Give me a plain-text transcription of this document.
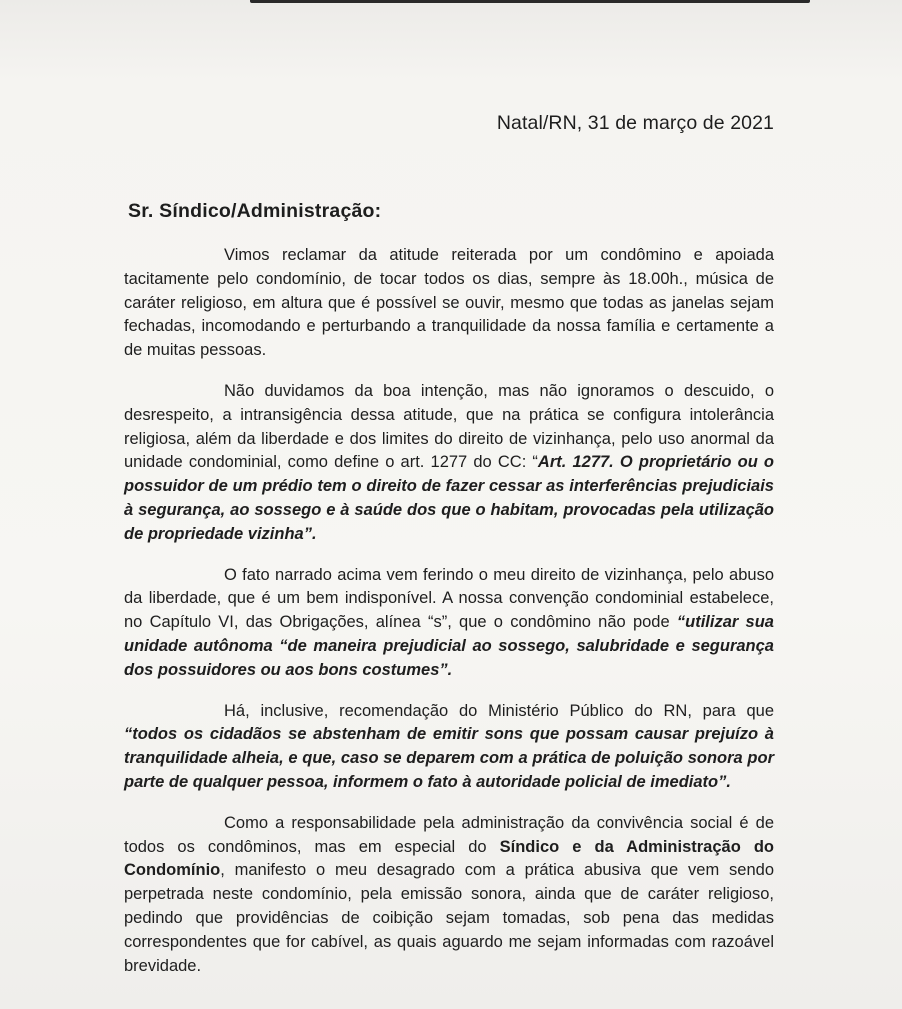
Natal/RN, 31 de março de 2021
Sr. Síndico/Administração:

Vimos reclamar da atitude reiterada por um condômino e apoiada tacitamente pelo condomínio, de tocar todos os dias, sempre às 18.00h., música de caráter religioso, em altura que é possível se ouvir, mesmo que todas as janelas sejam fechadas, incomodando e perturbando a tranquilidade da nossa família e certamente a de muitas pessoas.

Não duvidamos da boa intenção, mas não ignoramos o descuido, o desrespeito, a intransigência dessa atitude, que na prática se configura intolerância religiosa, além da liberdade e dos limites do direito de vizinhança, pelo uso anormal da unidade condominial, como define o art. 1277 do CC: “Art. 1277. O proprietário ou o possuidor de um prédio tem o direito de fazer cessar as interferências prejudiciais à segurança, ao sossego e à saúde dos que o habitam, provocadas pela utilização de propriedade vizinha”.

O fato narrado acima vem ferindo o meu direito de vizinhança, pelo abuso da liberdade, que é um bem indisponível. A nossa convenção condominial estabelece, no Capítulo VI, das Obrigações, alínea “s”, que o condômino não pode “utilizar sua unidade autônoma “de maneira prejudicial ao sossego, salubridade e segurança dos possuidores ou aos bons costumes”.

Há, inclusive, recomendação do Ministério Público do RN, para que “todos os cidadãos se abstenham de emitir sons que possam causar prejuízo à tranquilidade alheia, e que, caso se deparem com a prática de poluição sonora por parte de qualquer pessoa, informem o fato à autoridade policial de imediato”.

Como a responsabilidade pela administração da convivência social é de todos os condôminos, mas em especial do Síndico e da Administração do Condomínio, manifesto o meu desagrado com a prática abusiva que vem sendo perpetrada neste condomínio, pela emissão sonora, ainda que de caráter religioso, pedindo que providências de coibição sejam tomadas, sob pena das medidas correspondentes que for cabível, as quais aguardo me sejam informadas com razoável brevidade.
